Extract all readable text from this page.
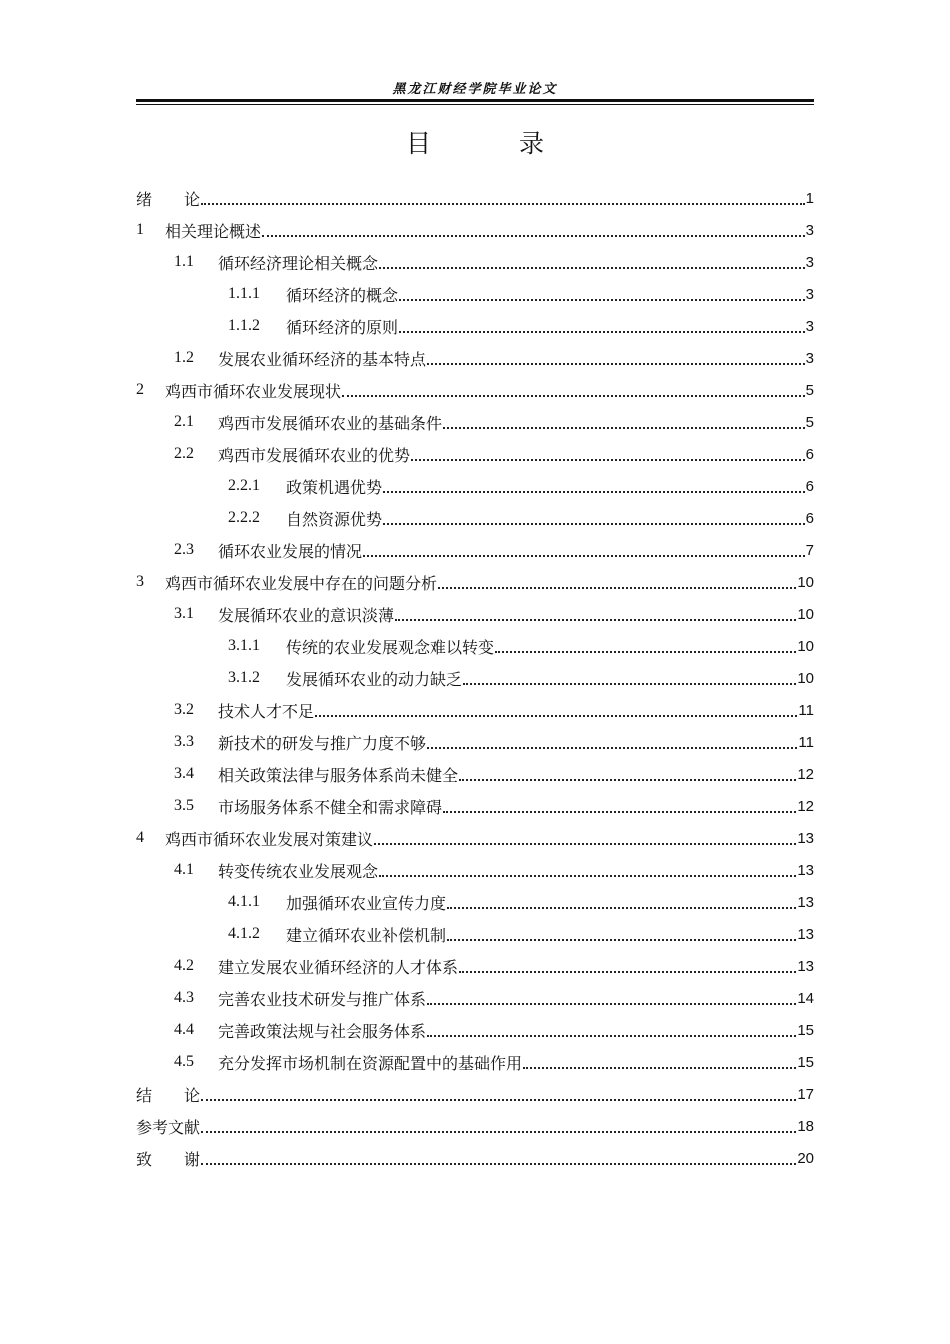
黑龙江财经学院毕业论文
目 录
绪　　论	1
1	相关理论概述	3
1.1	循环经济理论相关概念	3
1.1.1	循环经济的概念	3
1.1.2	循环经济的原则	3
1.2	发展农业循环经济的基本特点	3
2	鸡西市循环农业发展现状	5
2.1	鸡西市发展循环农业的基础条件	5
2.2	鸡西市发展循环农业的优势	6
2.2.1	政策机遇优势	6
2.2.2	自然资源优势	6
2.3	循环农业发展的情况	7
3	鸡西市循环农业发展中存在的问题分析	10
3.1	发展循环农业的意识淡薄	10
3.1.1	传统的农业发展观念难以转变	10
3.1.2	发展循环农业的动力缺乏	10
3.2	技术人才不足	11
3.3	新技术的研发与推广力度不够	11
3.4	相关政策法律与服务体系尚未健全	12
3.5	市场服务体系不健全和需求障碍	12
4	鸡西市循环农业发展对策建议	13
4.1	转变传统农业发展观念	13
4.1.1	加强循环农业宣传力度	13
4.1.2	建立循环农业补偿机制	13
4.2	建立发展农业循环经济的人才体系	13
4.3	完善农业技术研发与推广体系	14
4.4	完善政策法规与社会服务体系	15
4.5	充分发挥市场机制在资源配置中的基础作用	15
结　　论	17
参考文献	18
致　　谢	20
